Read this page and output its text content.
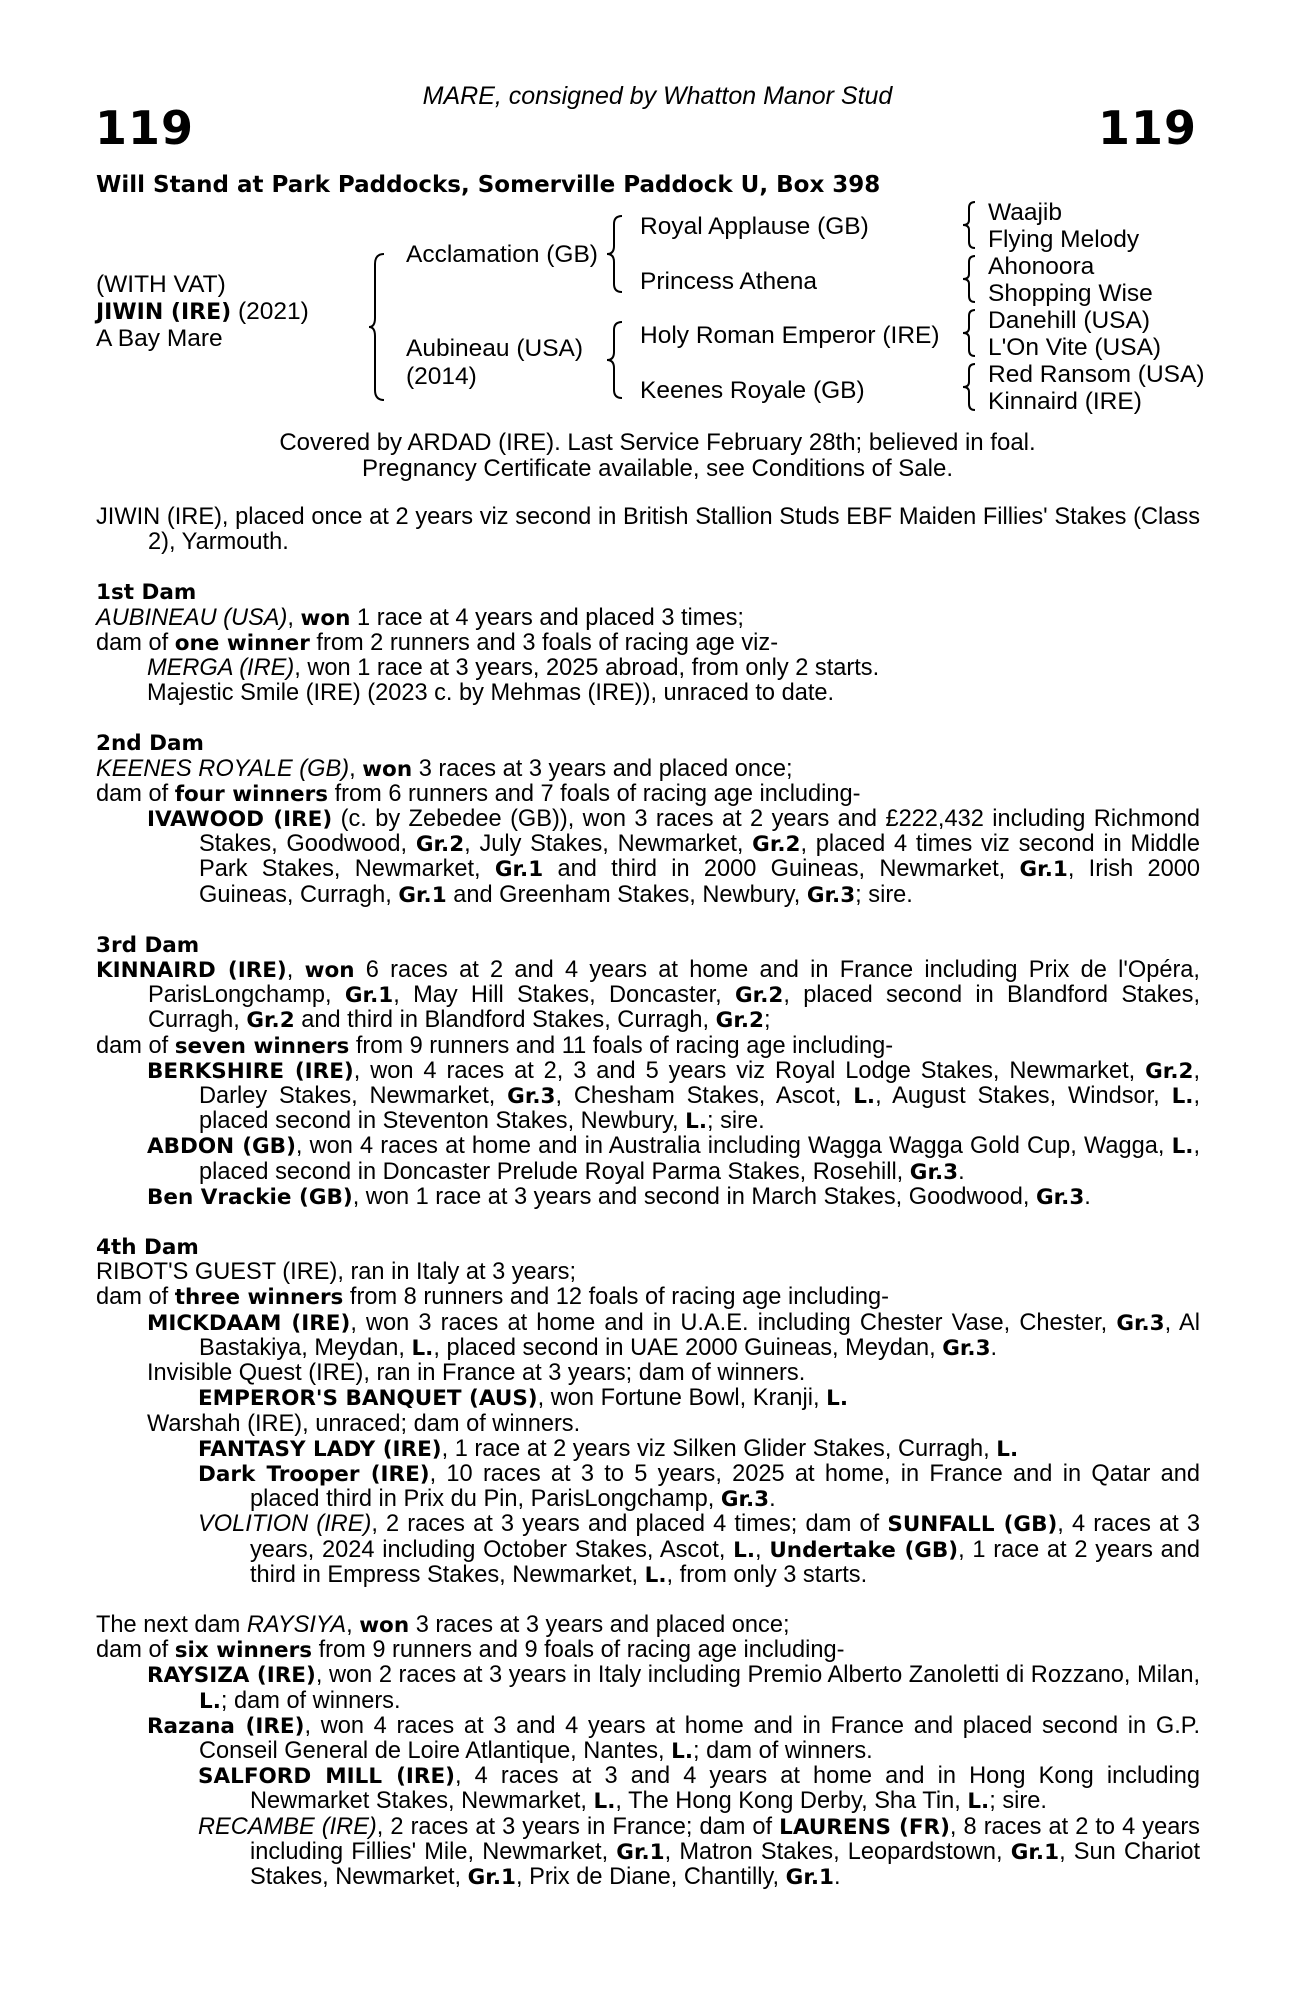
119	119
MARE, consigned by Whatton Manor Stud
Will Stand at Park Paddocks, Somerville Paddock U, Box 398
(WITH VAT)
JIWIN (IRE) (2021)
A Bay Mare
Acclamation (GB)
Aubineau (USA)
(2014)
Royal Applause (GB)
Princess Athena
Holy Roman Emperor (IRE)
Keenes Royale (GB)
Waajib
Flying Melody
Ahonoora
Shopping Wise
Danehill (USA)
L'On Vite (USA)
Red Ransom (USA)
Kinnaird (IRE)
Covered by ARDAD (IRE). Last Service February 28th; believed in foal.
Pregnancy Certificate available, see Conditions of Sale.

JIWIN (IRE), placed once at 2 years viz second in British Stallion Studs EBF Maiden Fillies' Stakes (Class 2), Yarmouth.

1st Dam

AUBINEAU (USA), won 1 race at 4 years and placed 3 times;

dam of one winner from 2 runners and 3 foals of racing age viz-

MERGA (IRE), won 1 race at 3 years, 2025 abroad, from only 2 starts.

Majestic Smile (IRE) (2023 c. by Mehmas (IRE)), unraced to date.

2nd Dam

KEENES ROYALE (GB), won 3 races at 3 years and placed once;

dam of four winners from 6 runners and 7 foals of racing age including-

IVAWOOD (IRE) (c. by Zebedee (GB)), won 3 races at 2 years and £222,432 including Richmond Stakes, Goodwood, Gr.2, July Stakes, Newmarket, Gr.2, placed 4 times viz second in Middle Park Stakes, Newmarket, Gr.1 and third in 2000 Guineas, Newmarket, Gr.1, Irish 2000 Guineas, Curragh, Gr.1 and Greenham Stakes, Newbury, Gr.3; sire.

3rd Dam

KINNAIRD (IRE), won 6 races at 2 and 4 years at home and in France including Prix de l'Opéra, ParisLongchamp, Gr.1, May Hill Stakes, Doncaster, Gr.2, placed second in Blandford Stakes, Curragh, Gr.2 and third in Blandford Stakes, Curragh, Gr.2;

dam of seven winners from 9 runners and 11 foals of racing age including-

BERKSHIRE (IRE), won 4 races at 2, 3 and 5 years viz Royal Lodge Stakes, Newmarket, Gr.2, Darley Stakes, Newmarket, Gr.3, Chesham Stakes, Ascot, L., August Stakes, Windsor, L., placed second in Steventon Stakes, Newbury, L.; sire.

ABDON (GB), won 4 races at home and in Australia including Wagga Wagga Gold Cup, Wagga, L., placed second in Doncaster Prelude Royal Parma Stakes, Rosehill, Gr.3.

Ben Vrackie (GB), won 1 race at 3 years and second in March Stakes, Goodwood, Gr.3.

4th Dam

RIBOT'S GUEST (IRE), ran in Italy at 3 years;

dam of three winners from 8 runners and 12 foals of racing age including-

MICKDAAM (IRE), won 3 races at home and in U.A.E. including Chester Vase, Chester, Gr.3, Al Bastakiya, Meydan, L., placed second in UAE 2000 Guineas, Meydan, Gr.3.

Invisible Quest (IRE), ran in France at 3 years; dam of winners.

EMPEROR'S BANQUET (AUS), won Fortune Bowl, Kranji, L.

Warshah (IRE), unraced; dam of winners.

FANTASY LADY (IRE), 1 race at 2 years viz Silken Glider Stakes, Curragh, L.

Dark Trooper (IRE), 10 races at 3 to 5 years, 2025 at home, in France and in Qatar and placed third in Prix du Pin, ParisLongchamp, Gr.3.

VOLITION (IRE), 2 races at 3 years and placed 4 times; dam of SUNFALL (GB), 4 races at 3 years, 2024 including October Stakes, Ascot, L., Undertake (GB), 1 race at 2 years and third in Empress Stakes, Newmarket, L., from only 3 starts.

The next dam RAYSIYA, won 3 races at 3 years and placed once;

dam of six winners from 9 runners and 9 foals of racing age including-

RAYSIZA (IRE), won 2 races at 3 years in Italy including Premio Alberto Zanoletti di Rozzano, Milan, L.; dam of winners.

Razana (IRE), won 4 races at 3 and 4 years at home and in France and placed second in G.P. Conseil General de Loire Atlantique, Nantes, L.; dam of winners.

SALFORD MILL (IRE), 4 races at 3 and 4 years at home and in Hong Kong including Newmarket Stakes, Newmarket, L., The Hong Kong Derby, Sha Tin, L.; sire.

RECAMBE (IRE), 2 races at 3 years in France; dam of LAURENS (FR), 8 races at 2 to 4 years including Fillies' Mile, Newmarket, Gr.1, Matron Stakes, Leopardstown, Gr.1, Sun Chariot Stakes, Newmarket, Gr.1, Prix de Diane, Chantilly, Gr.1.
